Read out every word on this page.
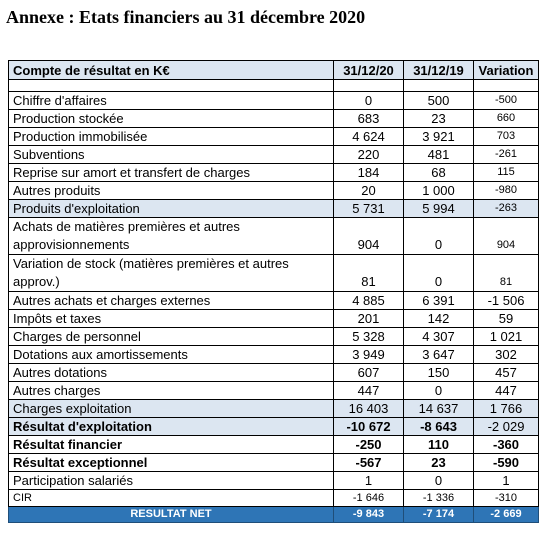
Annexe : Etats financiers au 31 décembre 2020
Compte de résultat en K€	31/12/20	31/12/19	Variation

Chiffre d'affaires	0	500	-500
Production stockée	683	23	660
Production immobilisée	4 624	3 921	703
Subventions	220	481	-261
Reprise sur amort et transfert de charges	184	68	115
Autres produits	20	1 000	-980
Produits d'exploitation	5 731	5 994	-263
Achats de matières premières et autres approvisionnements	904	0	904
Variation de stock (matières premières et autres approv.)	81	0	81
Autres achats et charges externes	4 885	6 391	-1 506
Impôts et taxes	201	142	59
Charges de personnel	5 328	4 307	1 021
Dotations aux amortissements	3 949	3 647	302
Autres dotations	607	150	457
Autres charges	447	0	447
Charges exploitation	16 403	14 637	1 766
Résultat d'exploitation	-10 672	-8 643	-2 029
Résultat financier	-250	110	-360
Résultat exceptionnel	-567	23	-590
Participation salariés	1	0	1
CIR	-1 646	-1 336	-310
RESULTAT NET	-9 843	-7 174	-2 669
